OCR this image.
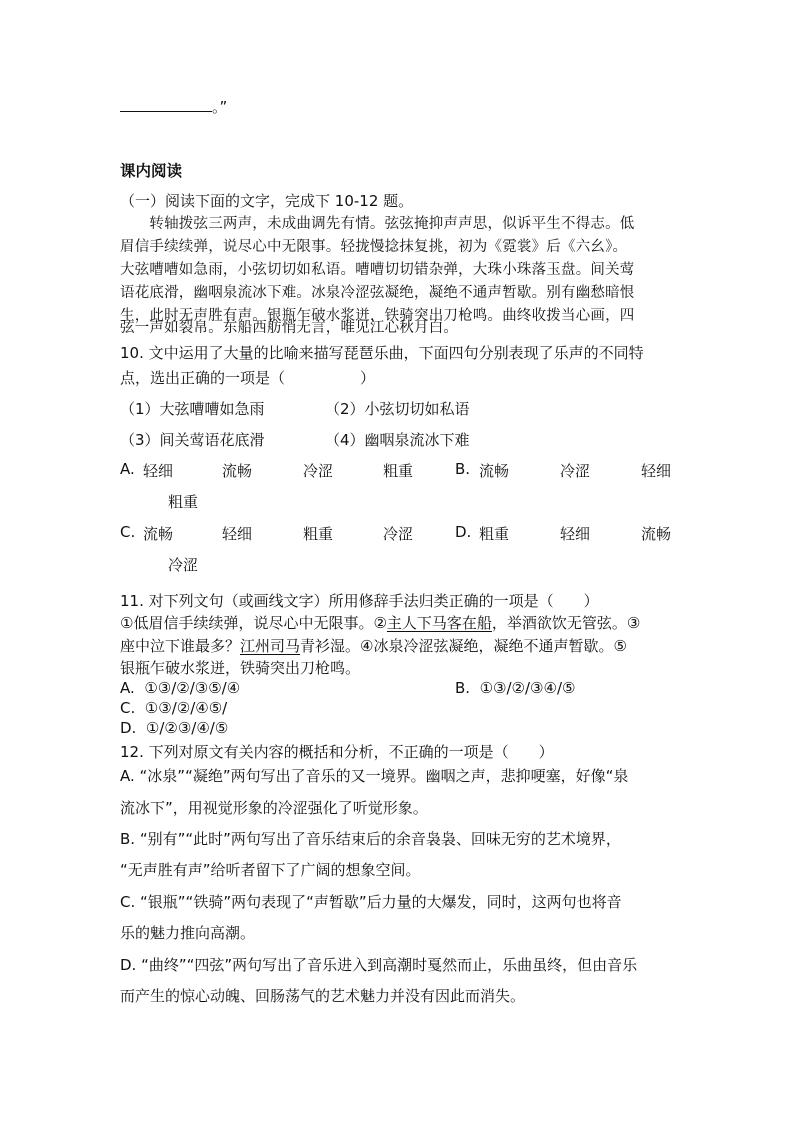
。”
课内阅读
（一）阅读下面的文字，完成下 10-12 题。
　　转轴拨弦三两声，未成曲调先有情。弦弦掩抑声声思，似诉平生不得志。低
眉信手续续弹，说尽心中无限事。轻拢慢捻抹复挑，初为《霓裳》后《六幺》。
大弦嘈嘈如急雨，小弦切切如私语。嘈嘈切切错杂弹，大珠小珠落玉盘。间关莺
语花底滑，幽咽泉流冰下难。冰泉冷涩弦凝绝，凝绝不通声暂歇。别有幽愁暗恨
生，此时无声胜有声。银瓶乍破水浆迸，铁骑突出刀枪鸣。曲终收拨当心画，四
弦一声如裂帛。东船西舫悄无言，唯见江心秋月白。
10. 文中运用了大量的比喻来描写琵琶乐曲，下面四句分别表现了乐声的不同特
点，选出正确的一项是（　　　　　）
（1）大弦嘈嘈如急雨	（2）小弦切切如私语
（3）间关莺语花底滑	（4）幽咽泉流冰下难
A. 轻细	流畅	冷涩	粗重	B. 流畅	冷涩	轻细
粗重
C. 流畅	轻细	粗重	冷涩	D. 粗重	轻细	流畅
冷涩
11. 对下列文句（或画线文字）所用修辞手法归类正确的一项是（　　）
①低眉信手续续弹，说尽心中无限事。②主人下马客在船，举酒欲饮无管弦。③
座中泣下谁最多？江州司马青衫湿。④冰泉冷涩弦凝绝，凝绝不通声暂歇。⑤
银瓶乍破水浆迸，铁骑突出刀枪鸣。
A. ①③/②/③⑤/④	B. ①③/②/③④/⑤
C. ①③/②/④⑤/
D. ①/②③/④/⑤
12. 下列对原文有关内容的概括和分析，不正确的一项是（　　）
A. “冰泉”“凝绝”两句写出了音乐的又一境界。幽咽之声，悲抑哽塞，好像“泉
流冰下”，用视觉形象的冷涩强化了听觉形象。
B. “别有”“此时”两句写出了音乐结束后的余音袅袅、回味无穷的艺术境界，
“无声胜有声”给听者留下了广阔的想象空间。
C. “银瓶”“铁骑”两句表现了“声暂歇”后力量的大爆发，同时，这两句也将音
乐的魅力推向高潮。
D. “曲终”“四弦”两句写出了音乐进入到高潮时戛然而止，乐曲虽终，但由音乐
而产生的惊心动魄、回肠荡气的艺术魅力并没有因此而消失。
